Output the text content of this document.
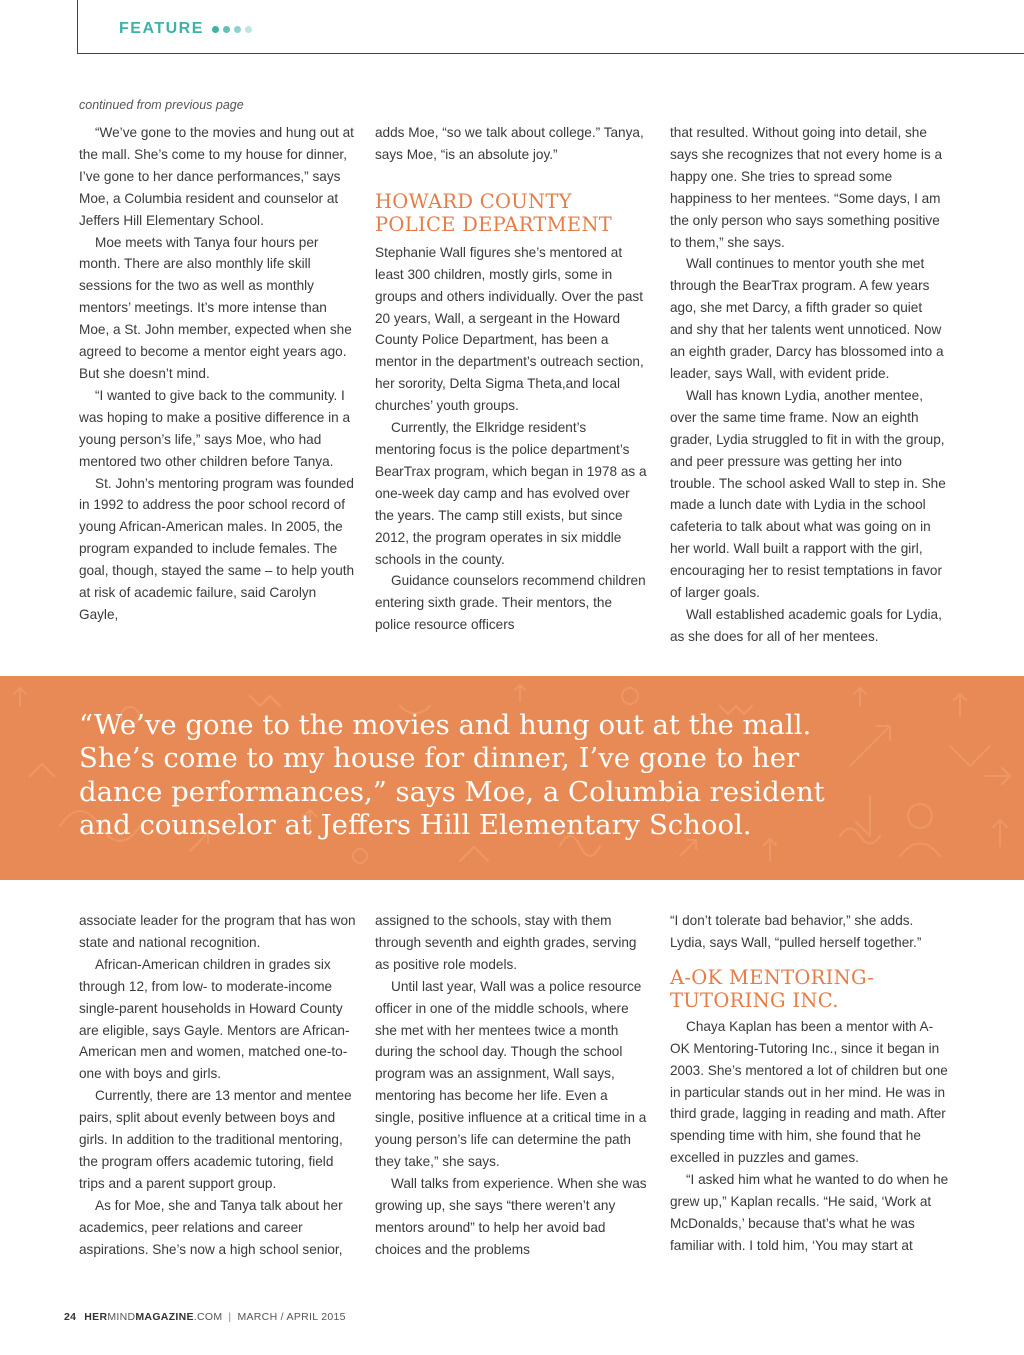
FEATURE
continued from previous page

“We’ve gone to the movies and hung out at the mall. She’s come to my house for dinner, I’ve gone to her dance performances,” says Moe, a Columbia resident and counselor at Jeffers Hill Elementary School.

Moe meets with Tanya four hours per month. There are also monthly life skill sessions for the two as well as monthly mentors’ meetings. It’s more intense than Moe, a St. John member, expected when she agreed to become a mentor eight years ago. But she doesn’t mind.

“I wanted to give back to the community. I was hoping to make a positive difference in a young person’s life,” says Moe, who had mentored two other children before Tanya.

St. John’s mentoring program was founded in 1992 to address the poor school record of young African-American males. In 2005, the program expanded to include females. The goal, though, stayed the same – to help youth at risk of academic failure, said Carolyn Gayle,

adds Moe, “so we talk about college.” Tanya, says Moe, “is an absolute joy.”

HOWARD COUNTY POLICE DEPARTMENT

Stephanie Wall figures she’s mentored at least 300 children, mostly girls, some in groups and others individually. Over the past 20 years, Wall, a sergeant in the Howard County Police Department, has been a mentor in the department’s outreach section, her sorority, Delta Sigma Theta,and local churches’ youth groups.

Currently, the Elkridge resident’s mentoring focus is the police department’s BearTrax program, which began in 1978 as a one-week day camp and has evolved over the years. The camp still exists, but since 2012, the program operates in six middle schools in the county.

Guidance counselors recommend children entering sixth grade. Their mentors, the police resource officers

that resulted. Without going into detail, she says she recognizes that not every home is a happy one. She tries to spread some happiness to her mentees. “Some days, I am the only person who says something positive to them,” she says.

Wall continues to mentor youth she met through the BearTrax program. A few years ago, she met Darcy, a fifth grader so quiet and shy that her talents went unnoticed. Now an eighth grader, Darcy has blossomed into a leader, says Wall, with evident pride.

Wall has known Lydia, another mentee, over the same time frame. Now an eighth grader, Lydia struggled to fit in with the group, and peer pressure was getting her into trouble. The school asked Wall to step in. She made a lunch date with Lydia in the school cafeteria to talk about what was going on in her world. Wall built a rapport with the girl, encouraging her to resist temptations in favor of larger goals.

Wall established academic goals for Lydia, as she does for all of her mentees.

“We’ve gone to the movies and hung out at the mall. She’s come to my house for dinner, I’ve gone to her dance performances,” says Moe, a Columbia resident and counselor at Jeffers Hill Elementary School.

associate leader for the program that has won state and national recognition.

African-American children in grades six through 12, from low- to moderate-income single-parent households in Howard County are eligible, says Gayle. Mentors are African-American men and women, matched one-to-one with boys and girls.

Currently, there are 13 mentor and mentee pairs, split about evenly between boys and girls. In addition to the traditional mentoring, the program offers academic tutoring, field trips and a parent support group.

As for Moe, she and Tanya talk about her academics, peer relations and career aspirations. She’s now a high school senior,

assigned to the schools, stay with them through seventh and eighth grades, serving as positive role models.

Until last year, Wall was a police resource officer in one of the middle schools, where she met with her mentees twice a month during the school day. Though the school program was an assignment, Wall says, mentoring has become her life. Even a single, positive influence at a critical time in a young person’s life can determine the path they take,” she says.

Wall talks from experience. When she was growing up, she says “there weren’t any mentors around” to help her avoid bad choices and the problems

“I don’t tolerate bad behavior,” she adds. Lydia, says Wall, “pulled herself together.”

A-OK MENTORING-TUTORING INC.

Chaya Kaplan has been a mentor with A-OK Mentoring-Tutoring Inc., since it began in 2003. She’s mentored a lot of children but one in particular stands out in her mind. He was in third grade, lagging in reading and math. After spending time with him, she found that he excelled in puzzles and games.

“I asked him what he wanted to do when he grew up,” Kaplan recalls. “He said, ‘Work at McDonalds,’ because that’s what he was familiar with. I told him, ‘You may start at

24 HERMINDMAGAZINE.COM | MARCH / APRIL 2015
